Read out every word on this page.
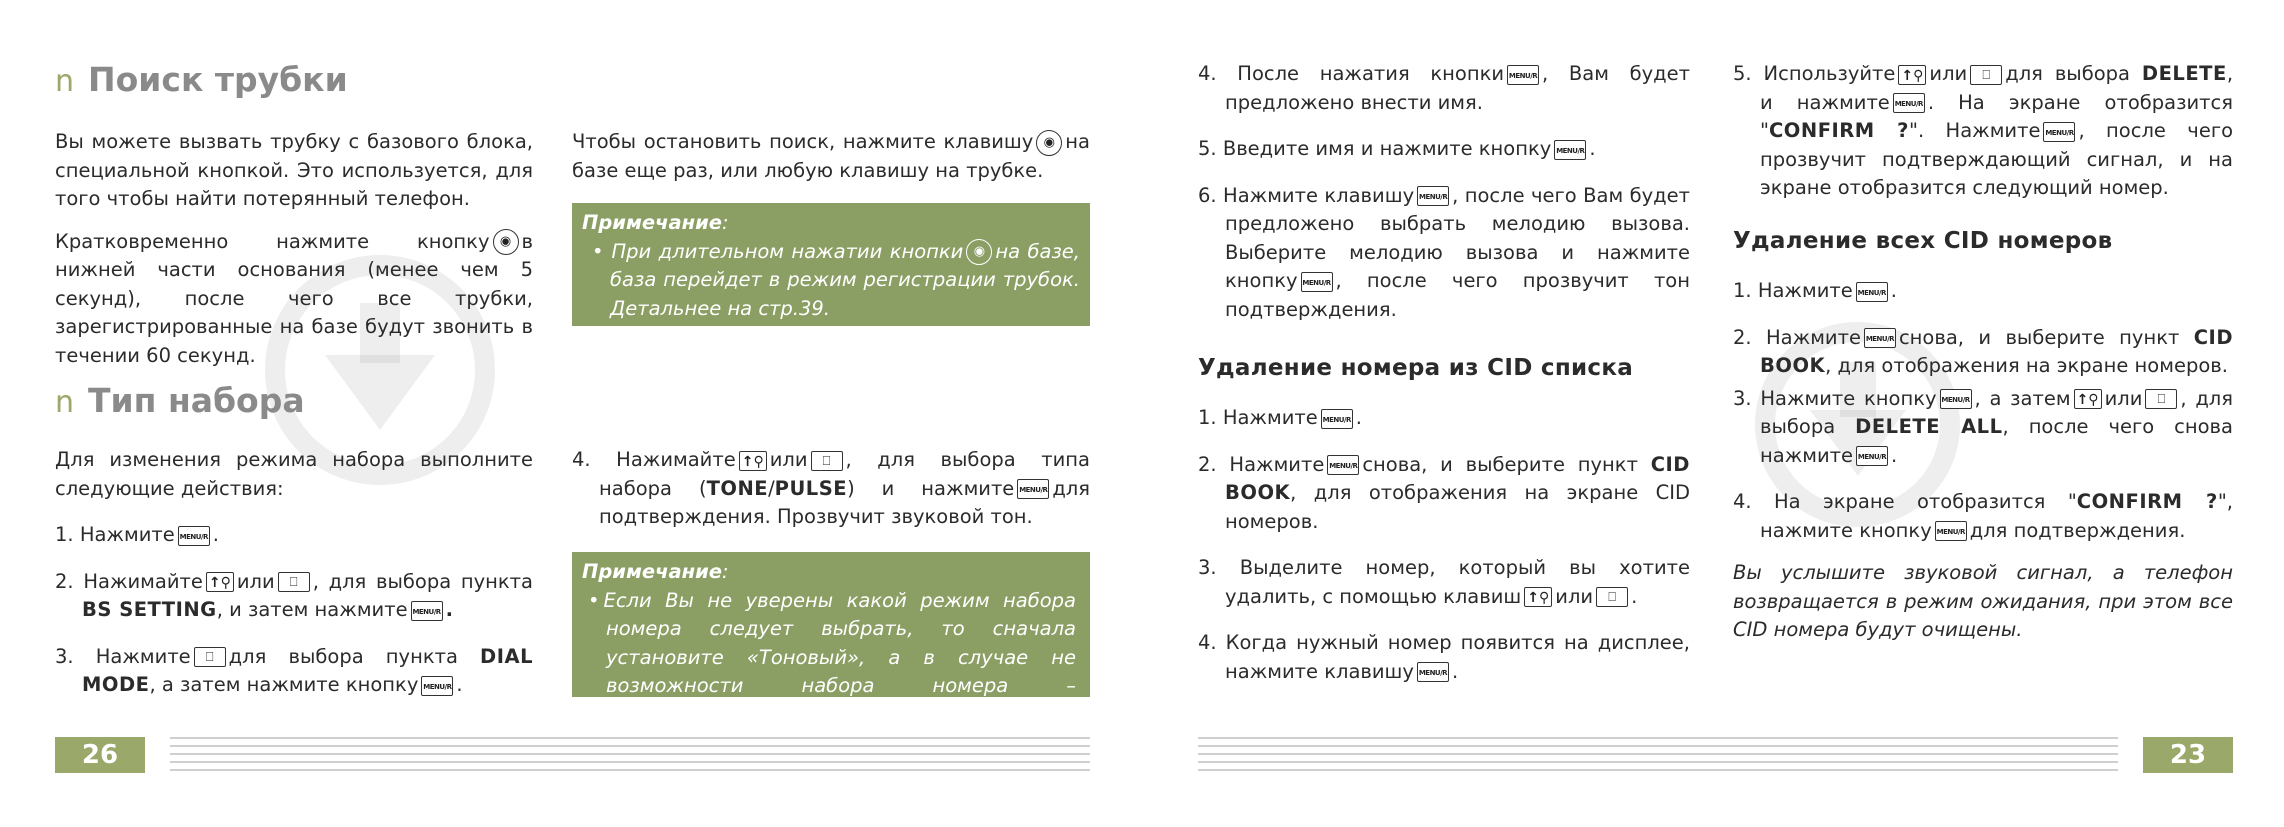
n Поиск трубки

Вы можете вызвать трубку с базового блока, специальной кнопкой. Это используется, для того чтобы найти потерянный телефон.

Кратковременно нажмите кнопку ◉ в нижней части основания (менее чем 5 секунд), после чего все трубки, зарегистрированные на базе будут звонить в течении 60 секунд.

Чтобы остановить поиск, нажмите клавишу ◉ на базе еще раз, или любую клавишу на трубке.

Примечание:
• При длительном нажатии кнопки ◉ на базе, база перейдет в режим регистрации трубок. Детальнее на стр.39.
n Тип набора

Для изменения режима набора выполните следующие действия:

1. Нажмите MENU/R .

2. Нажимайте ↑⚲ или ⎕ , для выбора пункта BS SETTING, и затем нажмите MENU/R .

3. Нажмите ⎕ для выбора пункта DIAL MODE, а затем нажмите кнопку MENU/R .

4. Нажимайте ↑⚲ или ⎕ , для выбора типа набора (TONE/PULSE) и нажмите MENU/R для подтверждения. Прозвучит звуковой тон.

Примечание:
• Если Вы не уверены какой режим набора номера следует выбрать, то сначала установите «Тоновый», а в случае не возможности набора номера – «Импульсный».
26

4. После нажатия кнопки MENU/R , Вам будет предложено внести имя.

5. Введите имя и нажмите кнопку MENU/R .

6. Нажмите клавишу MENU/R , после чего Вам будет предложено выбрать мелодию вызова. Выберите мелодию вызова и нажмите кнопку MENU/R , после чего прозвучит тон подтверждения.

Удаление номера из CID списка

1. Нажмите MENU/R .

2. Нажмите MENU/R снова, и выберите пункт CID BOOK, для отображения на экране CID номеров.

3. Выделите номер, который вы хотите удалить, с помощью клавиш ↑⚲ или ⎕ .

4. Когда нужный номер появится на дисплее, нажмите клавишу MENU/R .

5. Используйте ↑⚲ или ⎕ для выбора DELETE, и нажмите MENU/R . На экране отобразится "CONFIRM ?". Нажмите MENU/R , после чего прозвучит подтверждающий сигнал, и на экране отобразится следующий номер.

Удаление всех CID номеров

1. Нажмите MENU/R .

2. Нажмите MENU/R снова, и выберите пункт CID BOOK, для отображения на экране номеров.

3. Нажмите кнопку MENU/R , а затем ↑⚲ или ⎕ , для выбора DELETE ALL, после чего снова нажмите MENU/R .

4. На экране отобразится "CONFIRM ?", нажмите кнопку MENU/R для подтверждения.

Вы услышите звуковой сигнал, а телефон возвращается в режим ожидания, при этом все CID номера будут очищены.

23
